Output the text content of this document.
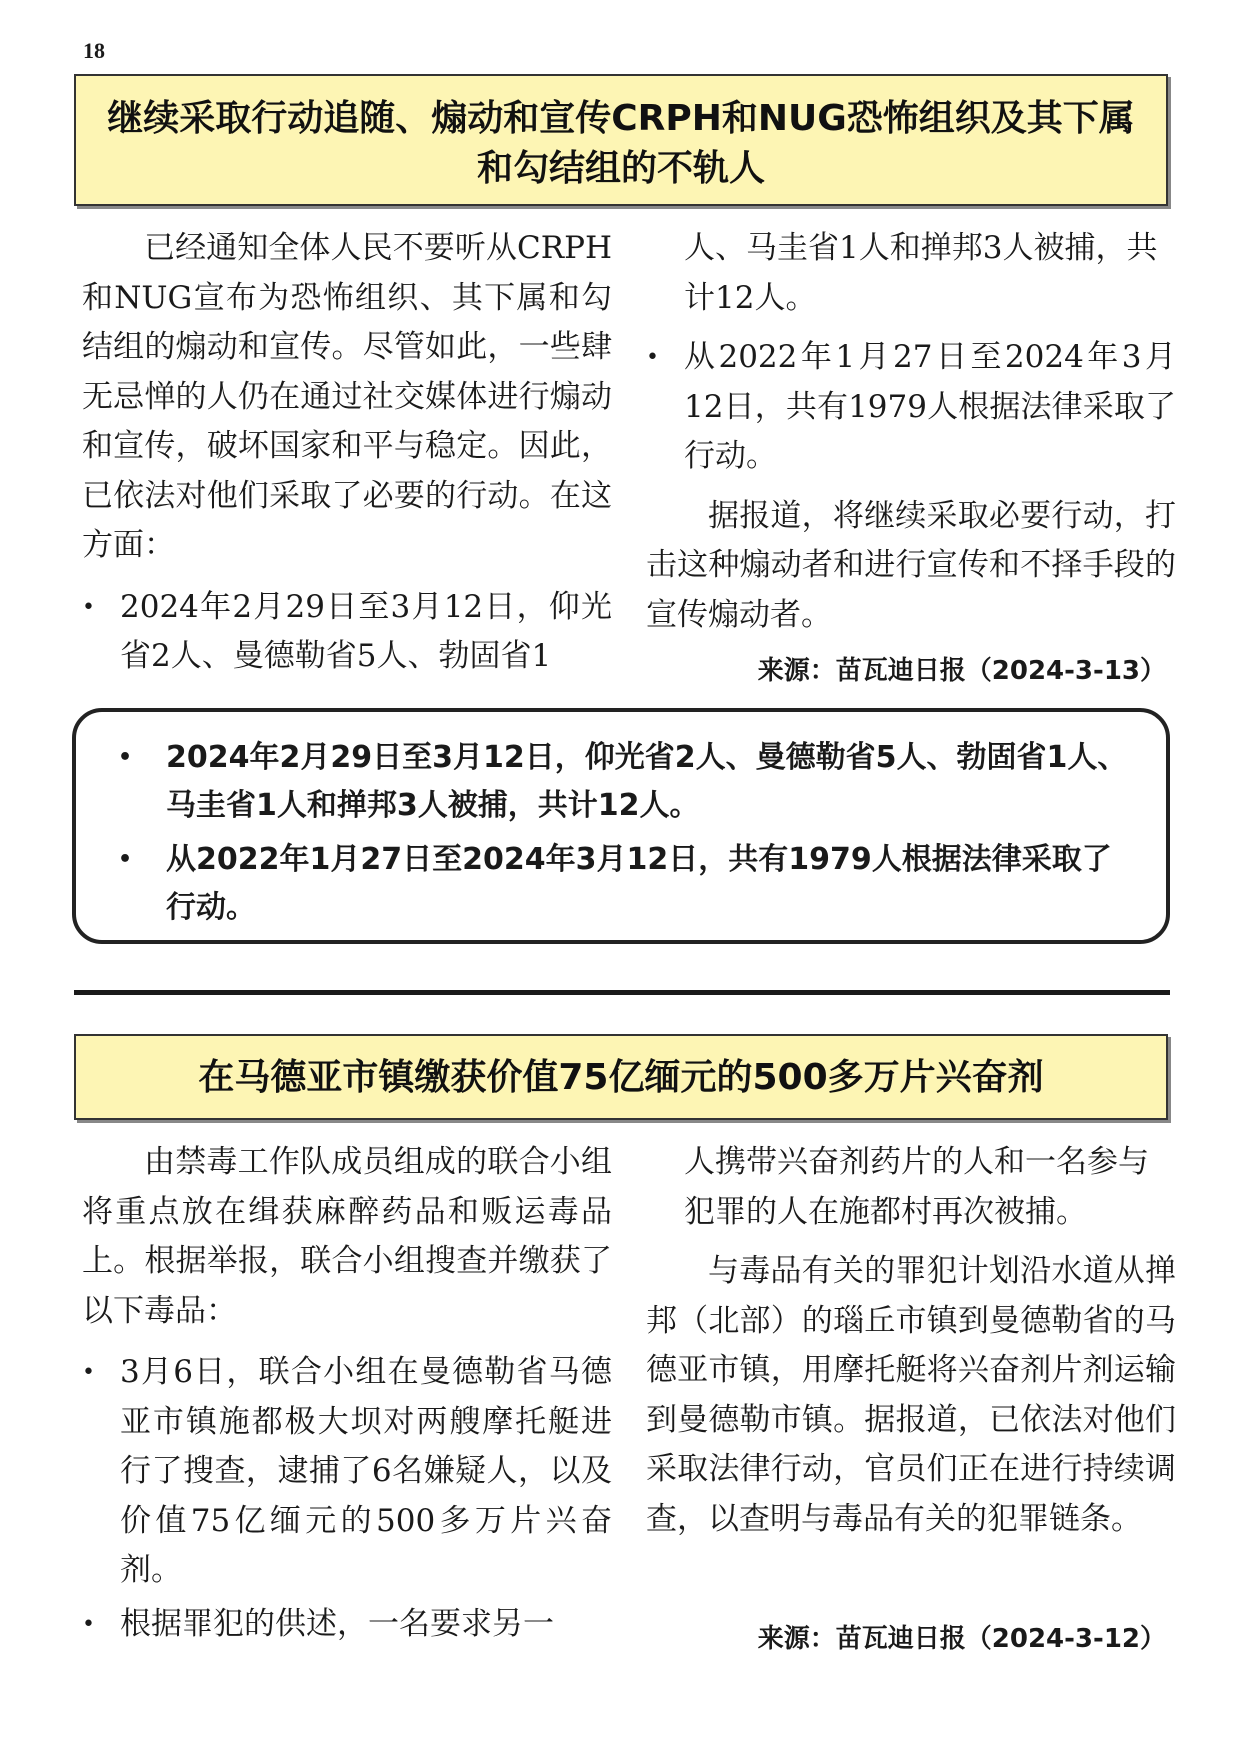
18
继续采取行动追随、煽动和宣传CRPH和NUG恐怖组织及其下属和勾结组的不轨人

已经通知全体人民不要听从CRPH和NUG宣布为恐怖组织、其下属和勾结组的煽动和宣传。尽管如此，一些肆无忌惮的人仍在通过社交媒体进行煽动和宣传，破坏国家和平与稳定。因此，已依法对他们采取了必要的行动。在这方面：

• 2024年2月29日至3月12日，仰光省2人、曼德勒省5人、勃固省1
人、马圭省1人和掸邦3人被捕，共计12人。
• 从2022年1月27日至2024年3月12日，共有1979人根据法律采取了行动。

据报道，将继续采取必要行动，打击这种煽动者和进行宣传和不择手段的宣传煽动者。

来源：苗瓦迪日报（2024-3-13）
• 2024年2月29日至3月12日，仰光省2人、曼德勒省5人、勃固省1人、马圭省1人和掸邦3人被捕，共计12人。
• 从2022年1月27日至2024年3月12日，共有1979人根据法律采取了行动。
在马德亚市镇缴获价值75亿缅元的500多万片兴奋剂

由禁毒工作队成员组成的联合小组将重点放在缉获麻醉药品和贩运毒品上。根据举报，联合小组搜查并缴获了以下毒品：

• 3月6日，联合小组在曼德勒省马德亚市镇施都极大坝对两艘摩托艇进行了搜查，逮捕了6名嫌疑人，以及价值75亿缅元的500多万片兴奋剂。
• 根据罪犯的供述，一名要求另一
人携带兴奋剂药片的人和一名参与犯罪的人在施都村再次被捕。

与毒品有关的罪犯计划沿水道从掸邦（北部）的瑙丘市镇到曼德勒省的马德亚市镇，用摩托艇将兴奋剂片剂运输到曼德勒市镇。据报道，已依法对他们采取法律行动，官员们正在进行持续调查，以查明与毒品有关的犯罪链条。

来源：苗瓦迪日报（2024-3-12）
